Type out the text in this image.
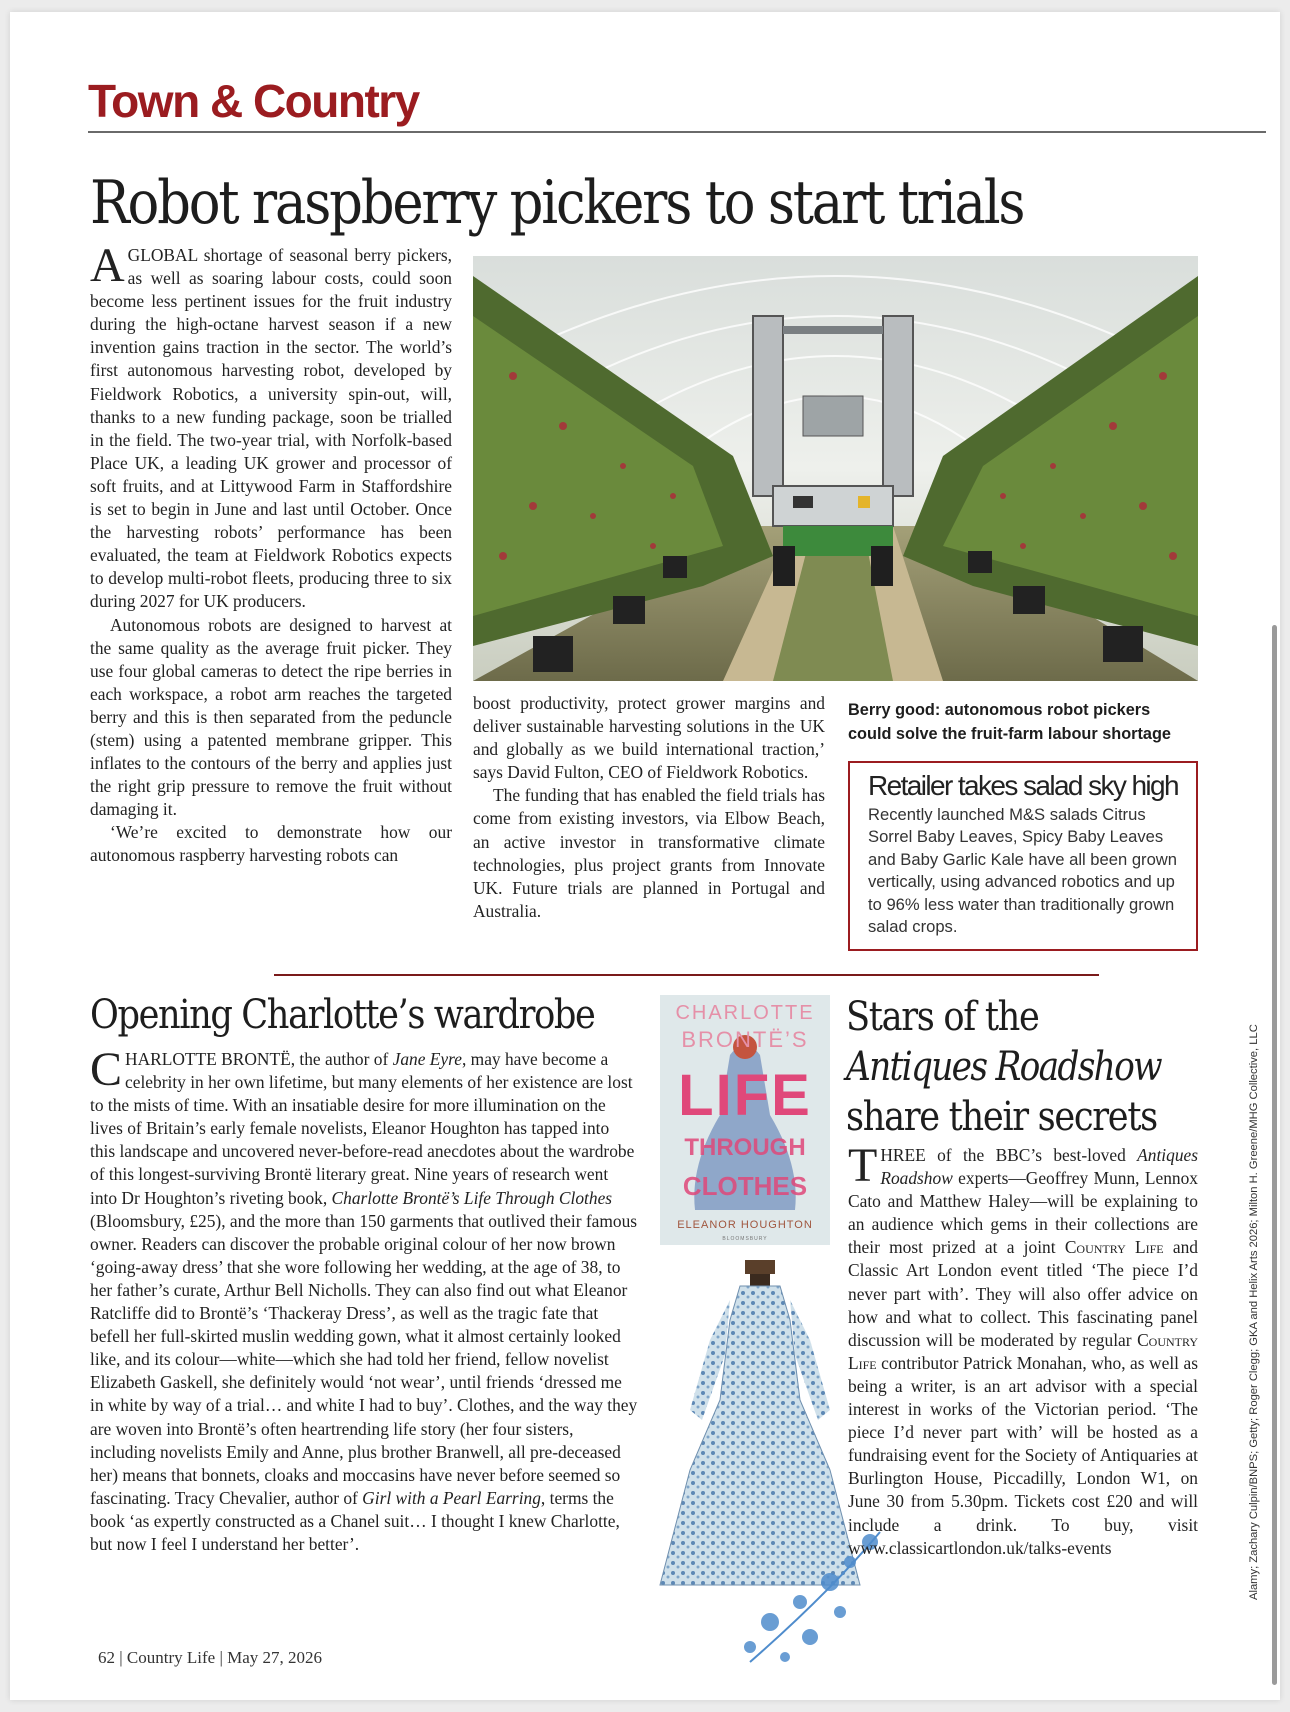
Town & Country
Robot raspberry pickers to start trials
A GLOBAL shortage of seasonal berry pickers, as well as soaring labour costs, could soon become less pertinent issues for the fruit industry during the high-octane harvest season if a new invention gains traction in the sector. The world’s first autonomous harvesting robot, developed by Fieldwork Robotics, a university spin-out, will, thanks to a new funding package, soon be trialled in the field. The two-year trial, with Norfolk-based Place UK, a leading UK grower and processor of soft fruits, and at Littywood Farm in Staffordshire is set to begin in June and last until October. Once the harvesting robots’ performance has been evaluated, the team at Fieldwork Robotics expects to develop multi-robot fleets, producing three to six during 2027 for UK producers.
Autonomous robots are designed to harvest at the same quality as the average fruit picker. They use four global cameras to detect the ripe berries in each workspace, a robot arm reaches the targeted berry and this is then separated from the peduncle (stem) using a patented membrane gripper. This inflates to the contours of the berry and applies just the right grip pressure to remove the fruit without damaging it.
‘We’re excited to demonstrate how our autonomous raspberry harvesting robots can
boost productivity, protect grower margins and deliver sustainable harvesting solutions in the UK and globally as we build international traction,’ says David Fulton, CEO of Fieldwork Robotics.
The funding that has enabled the field trials has come from existing investors, via Elbow Beach, an active investor in transformative climate technologies, plus project grants from Innovate UK. Future trials are planned in Portugal and Australia.
Berry good: autonomous robot pickers could solve the fruit-farm labour shortage
Retailer takes salad sky high
Recently launched M&S salads Citrus Sorrel Baby Leaves, Spicy Baby Leaves and Baby Garlic Kale have all been grown vertically, using advanced robotics and up to 96% less water than traditionally grown salad crops.
Opening Charlotte’s wardrobe
CHARLOTTE BRONTË, the author of Jane Eyre, may have become a celebrity in her own lifetime, but many elements of her existence are lost to the mists of time. With an insatiable desire for more illumination on the lives of Britain’s early female novelists, Eleanor Houghton has tapped into this landscape and uncovered never-before-read anecdotes about the wardrobe of this longest-surviving Brontë literary great. Nine years of research went into Dr Houghton’s riveting book, Charlotte Brontë’s Life Through Clothes (Bloomsbury, £25), and the more than 150 garments that outlived their famous owner. Readers can discover the probable original colour of her now brown ‘going-away dress’ that she wore following her wedding, at the age of 38, to her father’s curate, Arthur Bell Nicholls. They can also find out what Eleanor Ratcliffe did to Brontë’s ‘Thackeray Dress’, as well as the tragic fate that befell her full-skirted muslin wedding gown, what it almost certainly looked like, and its colour—white—which she had told her friend, fellow novelist Elizabeth Gaskell, she definitely would ‘not wear’, until friends ‘dressed me in white by way of a trial… and white I had to buy’. Clothes, and the way they are woven into Brontë’s often heartrending life story (her four sisters, including novelists Emily and Anne, plus brother Branwell, all pre-deceased her) means that bonnets, cloaks and moccasins have never before seemed so fascinating. Tracy Chevalier, author of Girl with a Pearl Earring, terms the book ‘as expertly constructed as a Chanel suit… I thought I knew Charlotte, but now I feel I understand her better’.
CHARLOTTE
BRONTË’S
LIFE
THROUGH
CLOTHES
ELEANOR HOUGHTON
BLOOMSBURY
Stars of the
Antiques Roadshow
share their secrets
THREE of the BBC’s best-loved Antiques Roadshow experts—Geoffrey Munn, Lennox Cato and Matthew Haley—will be explaining to an audience which gems in their collections are their most prized at a joint Country Life and Classic Art London event titled ‘The piece I’d never part with’. They will also offer advice on how and what to collect. This fascinating panel discussion will be moderated by regular Country Life contributor Patrick Monahan, who, as well as being a writer, is an art advisor with a special interest in works of the Victorian period. ‘The piece I’d never part with’ will be hosted as a fundraising event for the Society of Antiquaries at Burlington House, Piccadilly, London W1, on June 30 from 5.30pm. Tickets cost £20 and will include a drink. To buy, visit www.classicartlondon.uk/talks-events
62 | Country Life | May 27, 2026
Alamy; Zachary Culpin/BNPS; Getty; Roger Clegg; GKA and Helix Arts 2026; Milton H. Greene/MHG Collective, LLC
